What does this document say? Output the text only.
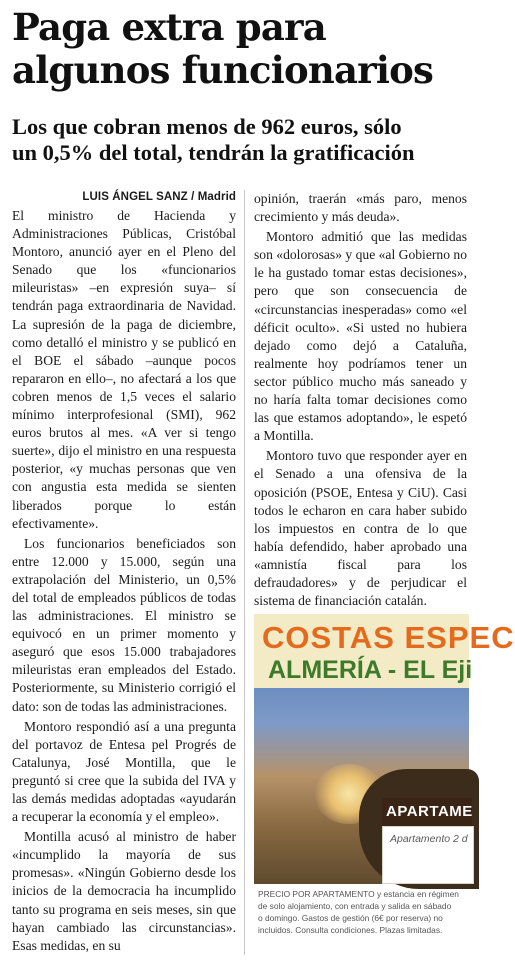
Paga extra para
algunos funcionarios
Los que cobran menos de 962 euros, sólo
un 0,5% del total, tendrán la gratificación
LUIS ÁNGEL SANZ / Madrid

El ministro de Hacienda y Administraciones Públicas, Cristóbal Montoro, anunció ayer en el Pleno del Senado que los «funcionarios mileuristas» –en expresión suya– sí tendrán paga extraordinaria de Navidad. La supresión de la paga de diciembre, como detalló el ministro y se publicó en el BOE el sábado –aunque pocos repararon en ello–, no afectará a los que cobren menos de 1,5 veces el salario mínimo interprofesional (SMI), 962 euros brutos al mes. «A ver si tengo suerte», dijo el ministro en una respuesta posterior, «y muchas personas que ven con angustia esta medida se sienten liberados porque lo están efectivamente».

Los funcionarios beneficiados son entre 12.000 y 15.000, según una extrapolación del Ministerio, un 0,5% del total de empleados públicos de todas las administraciones. El ministro se equivocó en un primer momento y aseguró que esos 15.000 trabajadores mileuristas eran empleados del Estado. Posteriormente, su Ministerio corrigió el dato: son de todas las administraciones.

Montoro respondió así a una pregunta del portavoz de Entesa pel Progrés de Catalunya, José Montilla, que le preguntó si cree que la subida del IVA y las demás medidas adoptadas «ayudarán a recuperar la economía y el empleo».

Montilla acusó al ministro de haber «incumplido la mayoría de sus promesas». «Ningún Gobierno desde los inicios de la democracia ha incumplido tanto su programa en seis meses, sin que hayan cambiado las circunstancias». Esas medidas, en su

opinión, traerán «más paro, menos crecimiento y más deuda».

Montoro admitió que las medidas son «dolorosas» y que «al Gobierno no le ha gustado tomar estas decisiones», pero que son consecuencia de «circunstancias inesperadas» como «el déficit oculto». «Si usted no hubiera dejado como dejó a Cataluña, realmente hoy podríamos tener un sector público mucho más saneado y no haría falta tomar decisiones como las que estamos adoptando», le espetó a Montilla.

Montoro tuvo que responder ayer en el Senado a una ofensiva de la oposición (PSOE, Entesa y CiU). Casi todos le echaron en cara haber subido los impuestos en contra de lo que había defendido, haber aprobado una «amnistía fiscal para los defraudadores» y de perjudicar el sistema de financiación catalán.

COSTAS ESPEC
ALMERÍA - EL Eji
APARTAME
Apartamento 2 d
PRECIO POR APARTAMENTO y estancia en régimen
de solo alojamiento, con entrada y salida en sábado
o domingo. Gastos de gestión (6€ por reserva) no
incluidos. Consulta condiciones. Plazas limitadas.
